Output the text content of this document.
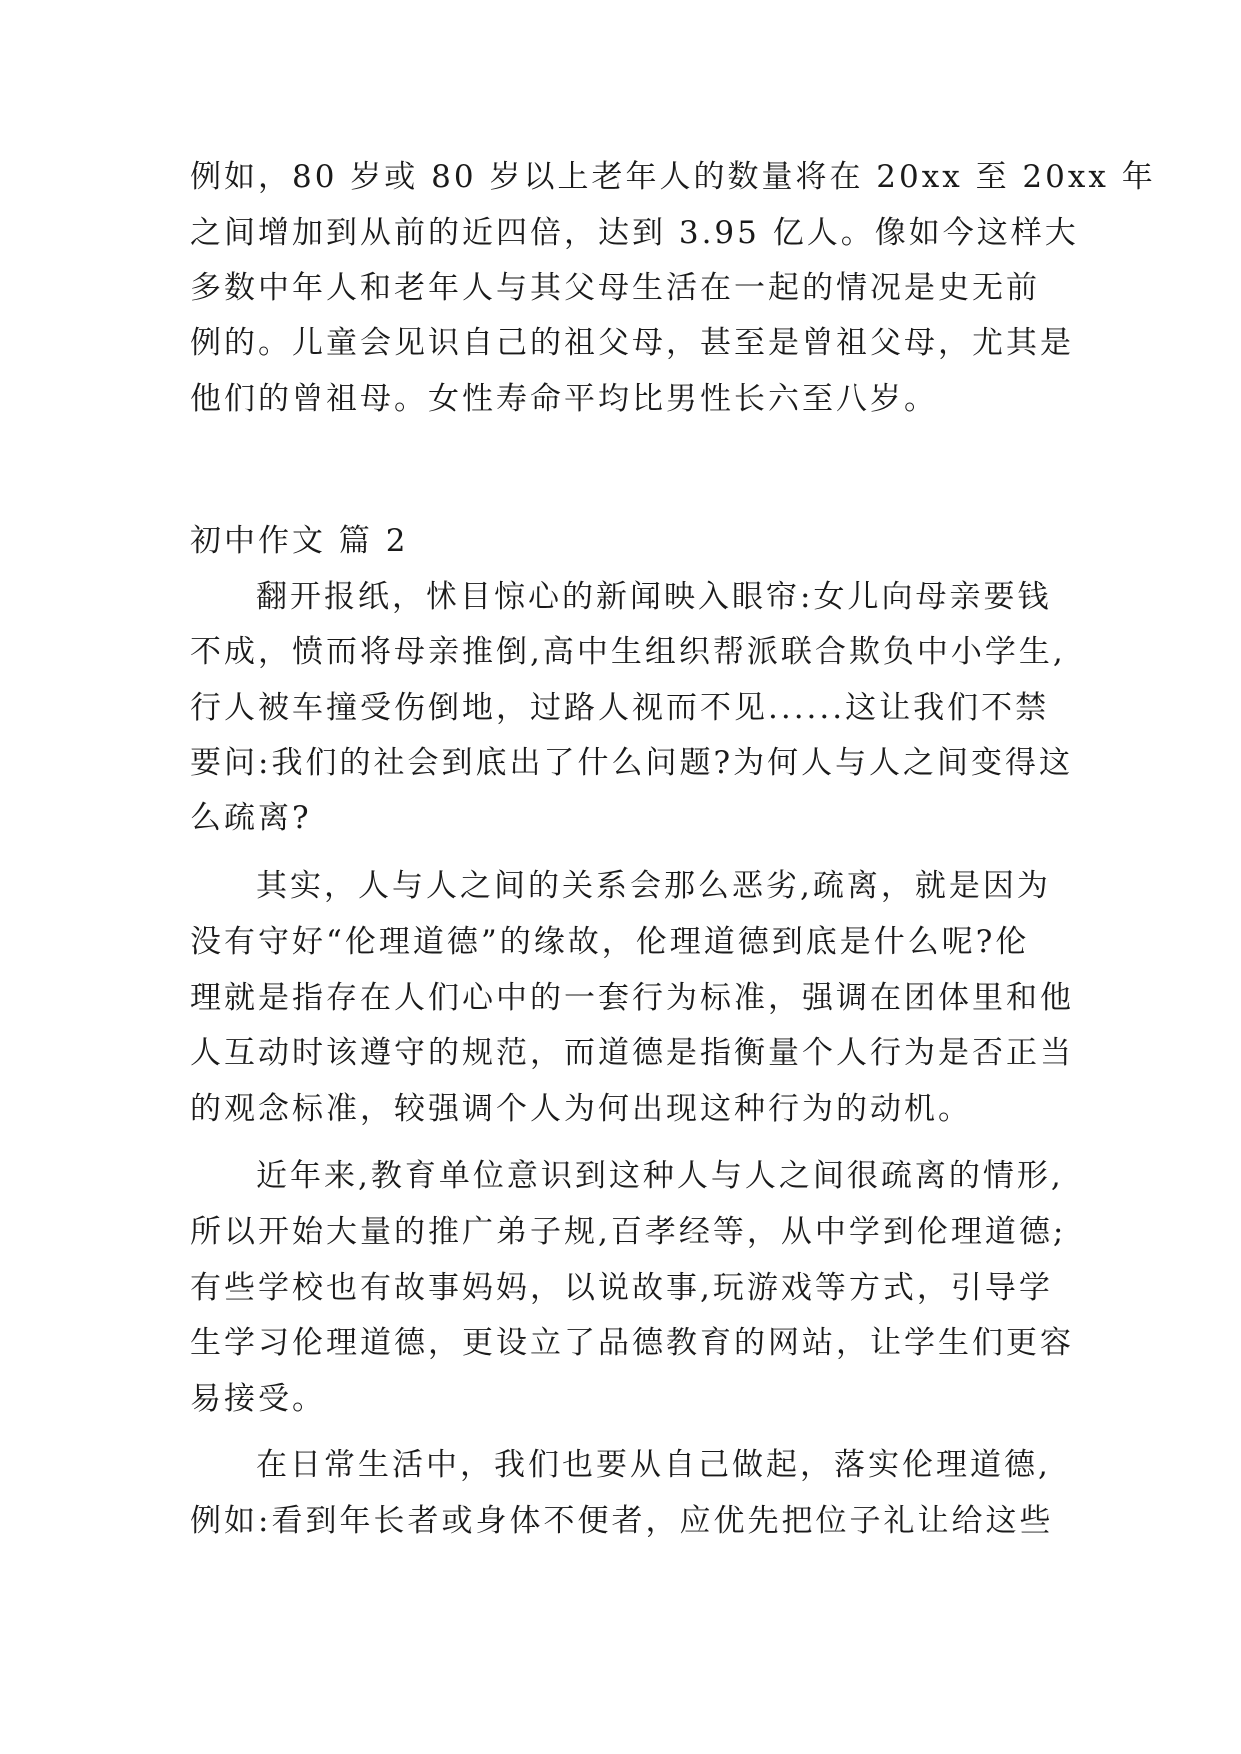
例如，80 岁或 80 岁以上老年人的数量将在 20xx 至 20xx 年
之间增加到从前的近四倍，达到 3.95 亿人。像如今这样大
多数中年人和老年人与其父母生活在一起的情况是史无前
例的。儿童会见识自己的祖父母，甚至是曾祖父母，尤其是
他们的曾祖母。女性寿命平均比男性长六至八岁。
初中作文 篇 2
翻开报纸，怵目惊心的新闻映入眼帘:女儿向母亲要钱
不成，愤而将母亲推倒,高中生组织帮派联合欺负中小学生,
行人被车撞受伤倒地，过路人视而不见......这让我们不禁
要问:我们的社会到底出了什么问题?为何人与人之间变得这
么疏离?
其实，人与人之间的关系会那么恶劣,疏离，就是因为
没有守好“伦理道德”的缘故，伦理道德到底是什么呢?伦
理就是指存在人们心中的一套行为标准，强调在团体里和他
人互动时该遵守的规范，而道德是指衡量个人行为是否正当
的观念标准，较强调个人为何出现这种行为的动机。
近年来,教育单位意识到这种人与人之间很疏离的情形,
所以开始大量的推广弟子规,百孝经等，从中学到伦理道德;
有些学校也有故事妈妈，以说故事,玩游戏等方式，引导学
生学习伦理道德，更设立了品德教育的网站，让学生们更容
易接受。
在日常生活中，我们也要从自己做起，落实伦理道德,
例如:看到年长者或身体不便者，应优先把位子礼让给这些
